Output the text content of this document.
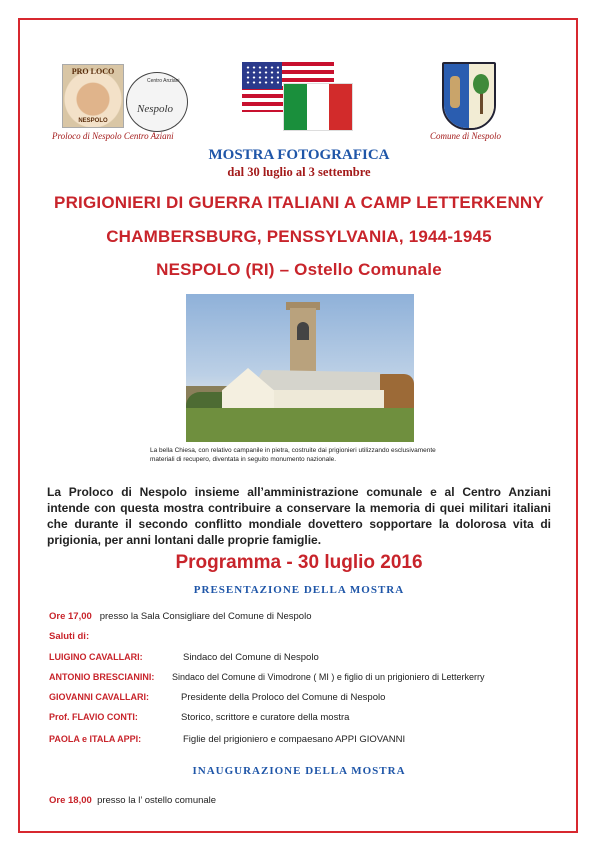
PRO LOCO
NESPOLO
Centro Anziani
Nespolo
Proloco di Nespolo Centro Aziani	Comune di Nespolo
MOSTRA FOTOGRAFICA
dal 30 luglio al 3 settembre
PRIGIONIERI DI GUERRA ITALIANI A CAMP LETTERKENNY
CHAMBERSBURG, PENSSYLVANIA, 1944-1945
NESPOLO (RI) – Ostello Comunale
La bella Chiesa, con relativo campanile in pietra, costruite dai prigionieri utilizzando esclusivamente materiali di recupero, diventata in seguito monumento nazionale.
La Proloco di Nespolo insieme all’amministrazione comunale e al Centro Anziani intende con questa mostra contribuire a conservare la memoria di quei militari italiani che durante il secondo conflitto mondiale dovettero sopportare la dolorosa vita di prigionia, per anni lontani dalle proprie famiglie.
Programma - 30 luglio 2016
PRESENTAZIONE DELLA MOSTRA
Ore 17,00 presso la Sala Consigliare del Comune di Nespolo
Saluti di:
LUIGINO CAVALLARI:	Sindaco del Comune di Nespolo
ANTONIO BRESCIANINI: Sindaco del Comune di Vimodrone ( MI ) e figlio di un prigioniero di Letterkerry
GIOVANNI CAVALLARI:	Presidente della Proloco del Comune di Nespolo
Prof. FLAVIO CONTI:	Storico, scrittore e curatore della mostra
PAOLA e ITALA APPI:	Figlie del prigioniero e compaesano APPI GIOVANNI
INAUGURAZIONE DELLA MOSTRA
Ore 18,00 presso la l’ ostello comunale
